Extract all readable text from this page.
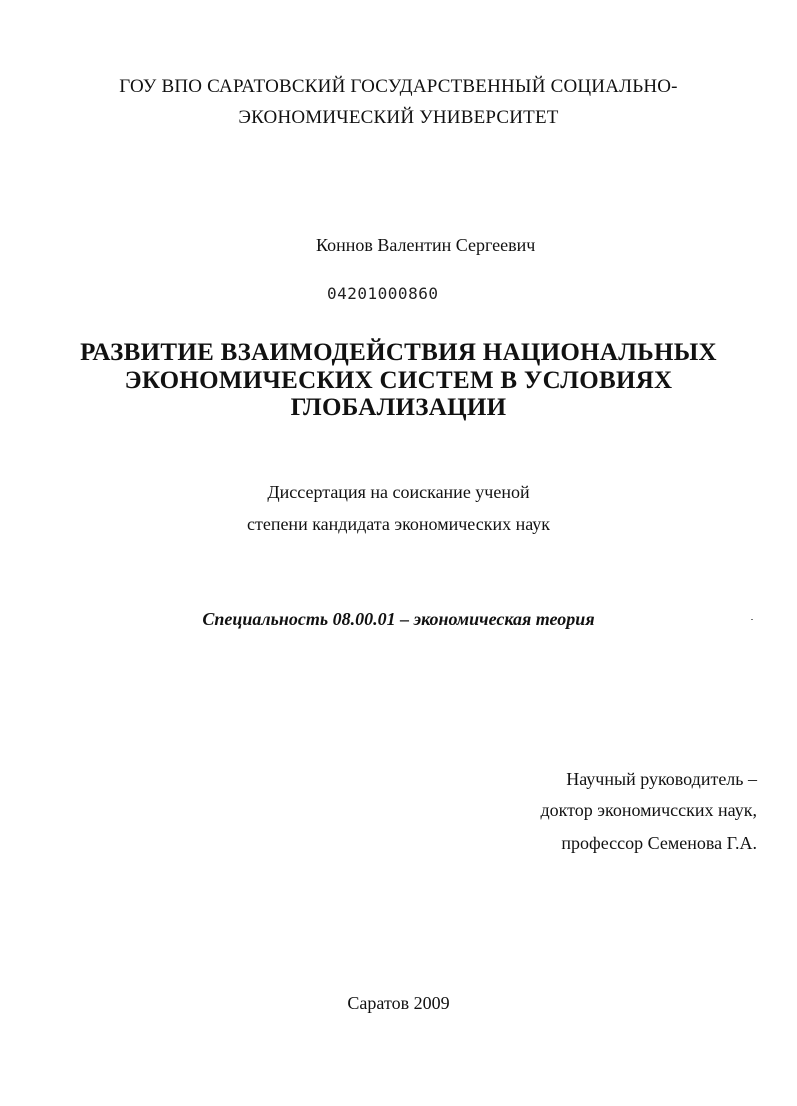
ГОУ ВПО САРАТОВСКИЙ ГОСУДАРСТВЕННЫЙ СОЦИАЛЬНО-
ЭКОНОМИЧЕСКИЙ УНИВЕРСИТЕТ
Коннов Валентин Сергеевич
04201000860
РАЗВИТИЕ ВЗАИМОДЕЙСТВИЯ НАЦИОНАЛЬНЫХ
ЭКОНОМИЧЕСКИХ СИСТЕМ В УСЛОВИЯХ
ГЛОБАЛИЗАЦИИ
Диссертация на соискание ученой
степени кандидата экономических наук
Специальность 08.00.01 – экономическая теория
Научный руководитель –
доктор экономичсских наук,
профессор Семенова Г.А.
Саратов 2009
